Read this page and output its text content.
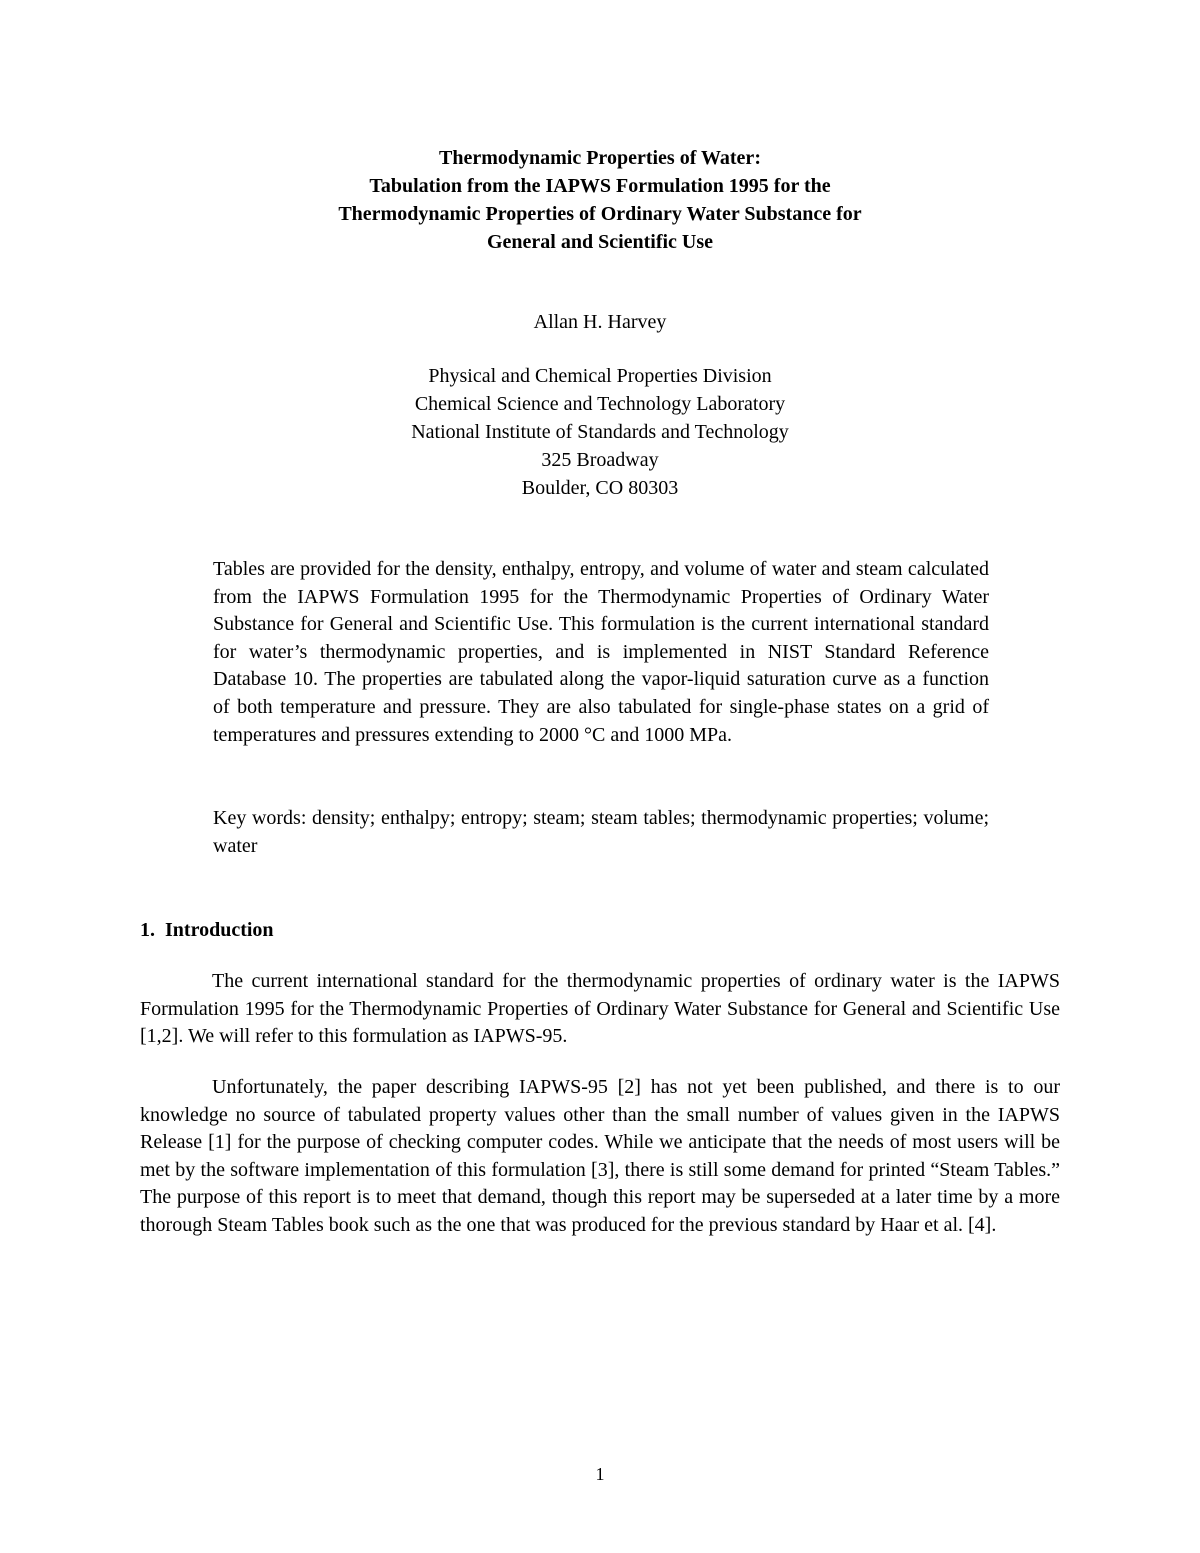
Thermodynamic Properties of Water:
Tabulation from the IAPWS Formulation 1995 for the
Thermodynamic Properties of Ordinary Water Substance for
General and Scientific Use
Allan H. Harvey
Physical and Chemical Properties Division
Chemical Science and Technology Laboratory
National Institute of Standards and Technology
325 Broadway
Boulder, CO 80303
Tables are provided for the density, enthalpy, entropy, and volume of water and steam calculated from the IAPWS Formulation 1995 for the Thermodynamic Properties of Ordinary Water Substance for General and Scientific Use. This formulation is the current international standard for water’s thermodynamic properties, and is implemented in NIST Standard Reference Database 10. The properties are tabulated along the vapor-liquid saturation curve as a function of both temperature and pressure. They are also tabulated for single-phase states on a grid of temperatures and pressures extending to 2000 °C and 1000 MPa.
Key words: density; enthalpy; entropy; steam; steam tables; thermodynamic properties; volume; water
1. Introduction
The current international standard for the thermodynamic properties of ordinary water is the IAPWS Formulation 1995 for the Thermodynamic Properties of Ordinary Water Substance for General and Scientific Use [1,2]. We will refer to this formulation as IAPWS-95.
Unfortunately, the paper describing IAPWS-95 [2] has not yet been published, and there is to our knowledge no source of tabulated property values other than the small number of values given in the IAPWS Release [1] for the purpose of checking computer codes. While we anticipate that the needs of most users will be met by the software implementation of this formulation [3], there is still some demand for printed “Steam Tables.” The purpose of this report is to meet that demand, though this report may be superseded at a later time by a more thorough Steam Tables book such as the one that was produced for the previous standard by Haar et al. [4].
1
